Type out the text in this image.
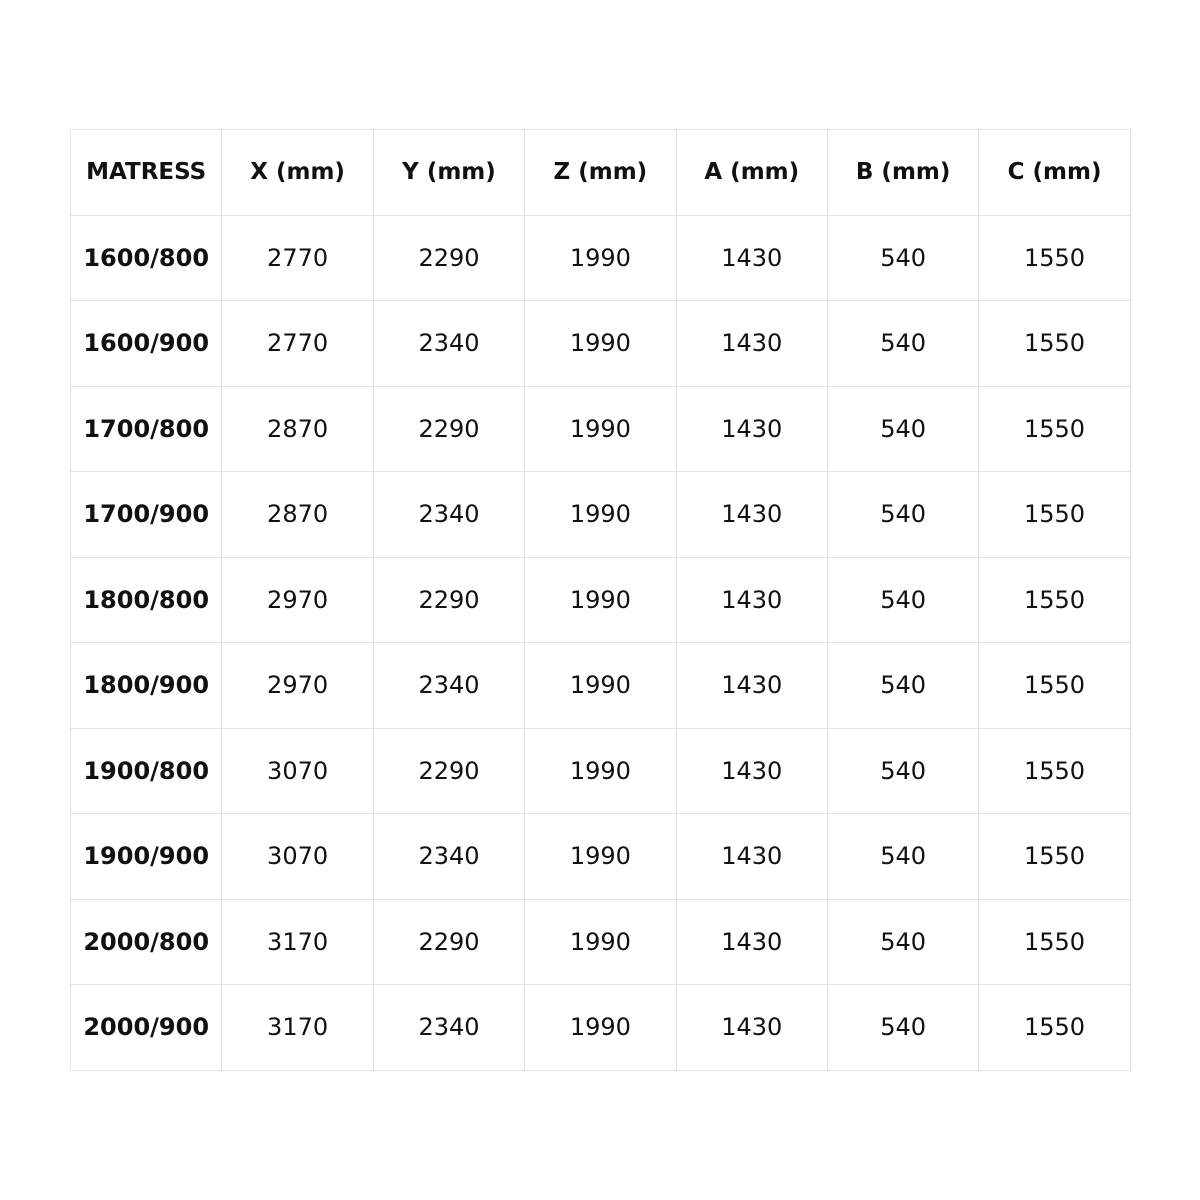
MATRESS	X (mm)	Y (mm)	Z (mm)	A (mm)	B (mm)	C (mm)
1600/800	2770	2290	1990	1430	540	1550
1600/900	2770	2340	1990	1430	540	1550
1700/800	2870	2290	1990	1430	540	1550
1700/900	2870	2340	1990	1430	540	1550
1800/800	2970	2290	1990	1430	540	1550
1800/900	2970	2340	1990	1430	540	1550
1900/800	3070	2290	1990	1430	540	1550
1900/900	3070	2340	1990	1430	540	1550
2000/800	3170	2290	1990	1430	540	1550
2000/900	3170	2340	1990	1430	540	1550
